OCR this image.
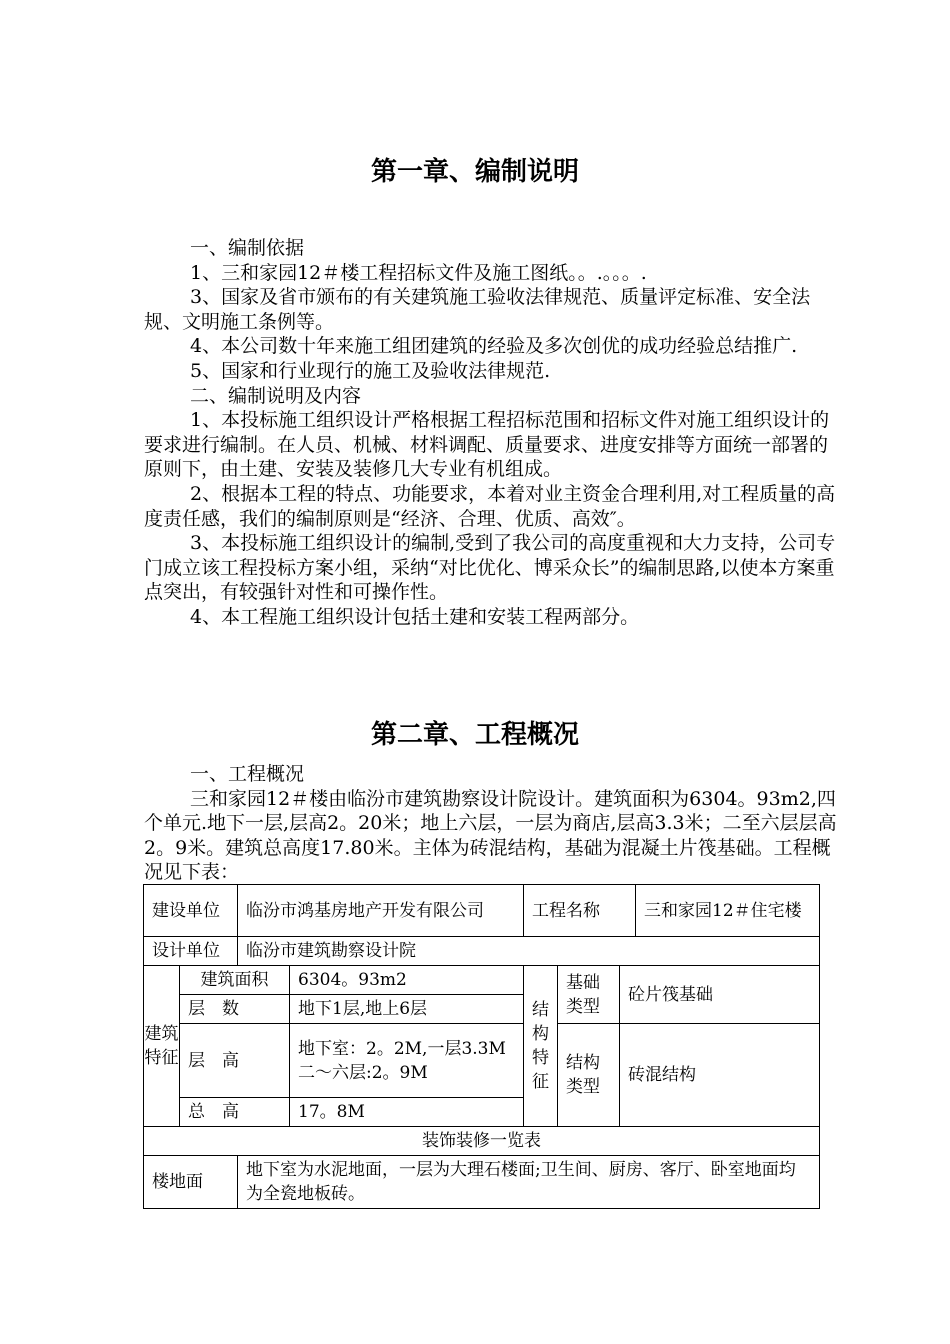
第一章、编制说明

一、编制依据

1、三和家园12＃楼工程招标文件及施工图纸。。.。。。.

3、国家及省市颁布的有关建筑施工验收法律规范、质量评定标准、安全法规、文明施工条例等。

4、本公司数十年来施工组团建筑的经验及多次创优的成功经验总结推广.

5、国家和行业现行的施工及验收法律规范.

二、编制说明及内容

1、本投标施工组织设计严格根据工程招标范围和招标文件对施工组织设计的要求进行编制。在人员、机械、材料调配、质量要求、进度安排等方面统一部署的原则下，由土建、安装及装修几大专业有机组成。

2、根据本工程的特点、功能要求，本着对业主资金合理利用,对工程质量的高度责任感，我们的编制原则是“经济、合理、优质、高效″。

3、本投标施工组织设计的编制,受到了我公司的高度重视和大力支持，公司专门成立该工程投标方案小组，采纳“对比优化、博采众长”的编制思路,以使本方案重点突出，有较强针对性和可操作性。

4、本工程施工组织设计包括土建和安装工程两部分。

第二章、工程概况

一、工程概况

三和家园12＃楼由临汾市建筑勘察设计院设计。建筑面积为6304。93m2,四个单元.地下一层,层高2。20米；地上六层，一层为商店,层高3.3米；二至六层层高2。9米。建筑总高度17.80米。主体为砖混结构，基础为混凝土片筏基础。工程概况见下表：

建设单位		临汾市鸿基房地产开发有限公司		工程名称			三和家园12＃住宅楼
设计单位		临汾市建筑勘察设计院					
建筑特征	建筑面积		6304。93m2	结构特征	基础类型	砼片筏基础	
	层　数		地下1层,地上6层				
	层　高		地下室：2。2M,一层3.3M二～六层:2。9M		结构类型	砖混结构	
	总　高		17。8M				
装饰装修一览表							
楼地面		地下室为水泥地面，一层为大理石楼面;卫生间、厨房、客厅、卧室地面均为全瓷地板砖。					
